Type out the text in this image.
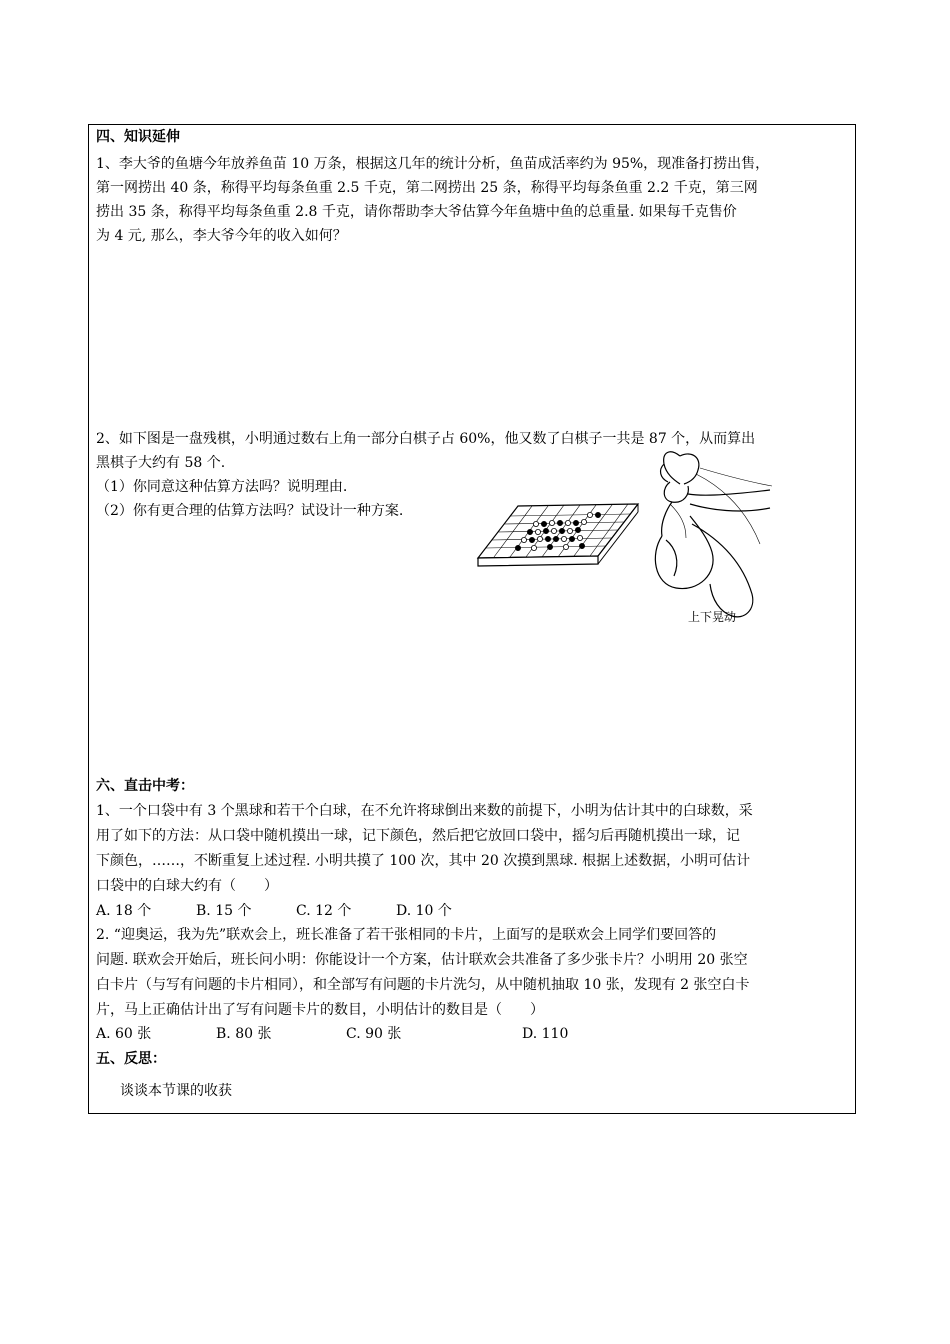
四、知识延伸
1、李大爷的鱼塘今年放养鱼苗 10 万条，根据这几年的统计分析，鱼苗成活率约为 95%，现准备打捞出售，
第一网捞出 40 条，称得平均每条鱼重 2.5 千克，第二网捞出 25 条，称得平均每条鱼重 2.2 千克，第三网
捞出 35 条，称得平均每条鱼重 2.8 千克，请你帮助李大爷估算今年鱼塘中鱼的总重量. 如果每千克售价
为 4 元, 那么，李大爷今年的收入如何？
2、如下图是一盘残棋，小明通过数右上角一部分白棋子占 60%，他又数了白棋子一共是 87 个，从而算出
黑棋子大约有 58 个.
（1）你同意这种估算方法吗？说明理由.
（2）你有更合理的估算方法吗？试设计一种方案.
上下晃动
六、直击中考：
1、一个口袋中有 3 个黑球和若干个白球，在不允许将球倒出来数的前提下，小明为估计其中的白球数，采
用了如下的方法：从口袋中随机摸出一球，记下颜色，然后把它放回口袋中，摇匀后再随机摸出一球，记
下颜色，……，不断重复上述过程. 小明共摸了 100 次，其中 20 次摸到黑球. 根据上述数据，小明可估计
口袋中的白球大约有（　　）
A. 18 个	B. 15 个	C. 12 个	D. 10 个
2. “迎奥运，我为先”联欢会上，班长准备了若干张相同的卡片，上面写的是联欢会上同学们要回答的
问题. 联欢会开始后，班长问小明：你能设计一个方案，估计联欢会共准备了多少张卡片？小明用 20 张空
白卡片（与写有问题的卡片相同），和全部写有问题的卡片洗匀，从中随机抽取 10 张，发现有 2 张空白卡
片，马上正确估计出了写有问题卡片的数目，小明估计的数目是（　　）
A. 60 张	B. 80 张	C. 90 张	D. 110
五、反思：
谈谈本节课的收获
